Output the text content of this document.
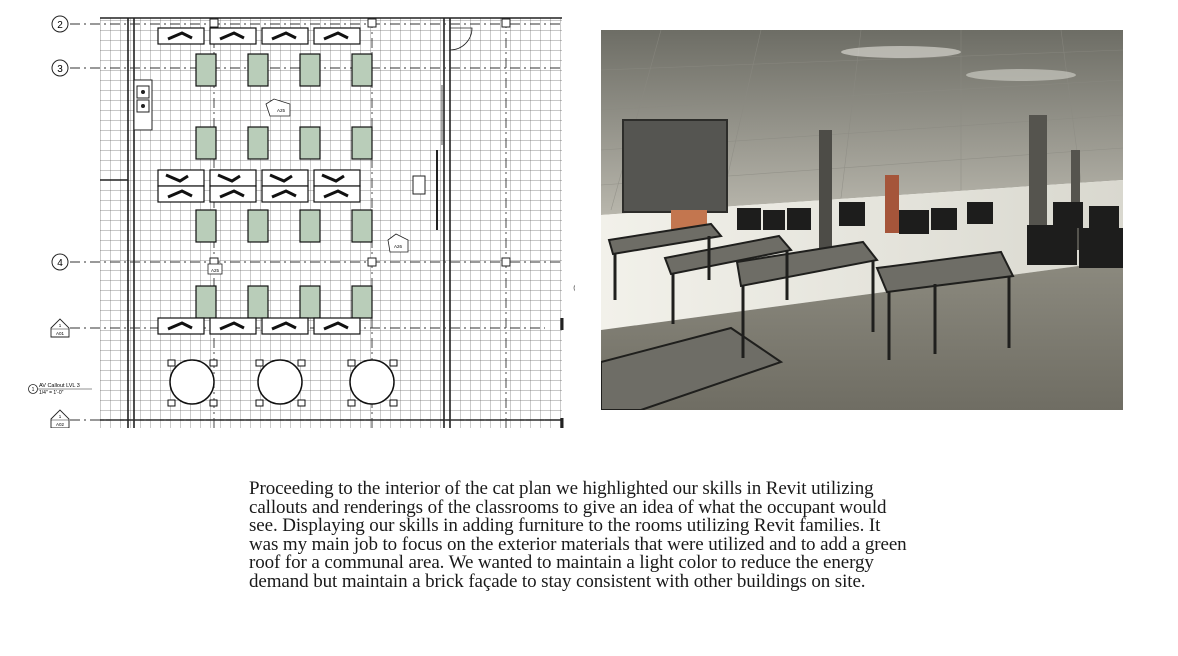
2
3
4
1
A01
1
A02
1
AV Callout LVL 3
1/4" = 1'-0"
A25
A26
A25

Proceeding to the interior of the cat plan we highlighted our skills in Revit utilizing callouts and renderings of the classrooms to give an idea of what the occupant would see. Displaying our skills in adding furniture to the rooms utilizing Revit families. It was my main job to focus on the exterior materials that were utilized and to add a green roof for a communal area. We wanted to maintain a light color to reduce the energy demand but maintain a brick façade to stay consistent with other buildings on site.
